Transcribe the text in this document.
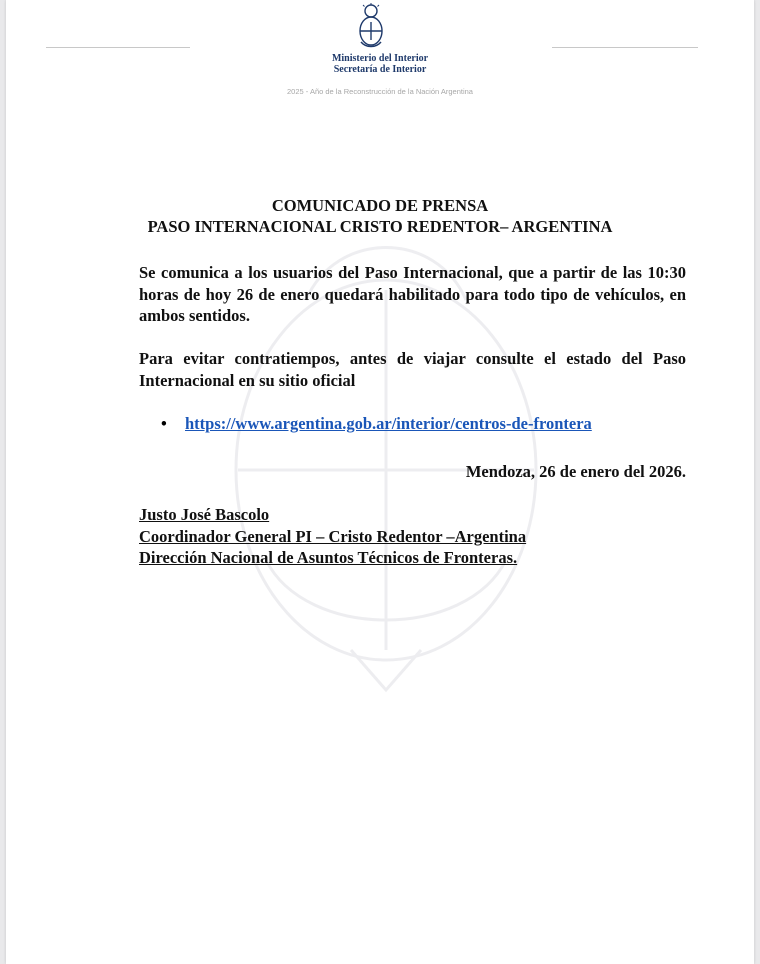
Ministerio del Interior
Secretaría de Interior
2025 - Año de la Reconstrucción de la Nación Argentina
COMUNICADO DE PRENSA
PASO INTERNACIONAL CRISTO REDENTOR– ARGENTINA

Se comunica a los usuarios del Paso Internacional, que a partir de las 10:30 horas de hoy 26 de enero quedará habilitado para todo tipo de vehículos, en ambos sentidos.

Para evitar contratiempos, antes de viajar consulte el estado del Paso Internacional en su sitio oficial

• https://www.argentina.gob.ar/interior/centros-de-frontera
Mendoza, 26 de enero del 2026.
Justo José Bascolo
Coordinador General PI – Cristo Redentor –Argentina
Dirección Nacional de Asuntos Técnicos de Fronteras.
